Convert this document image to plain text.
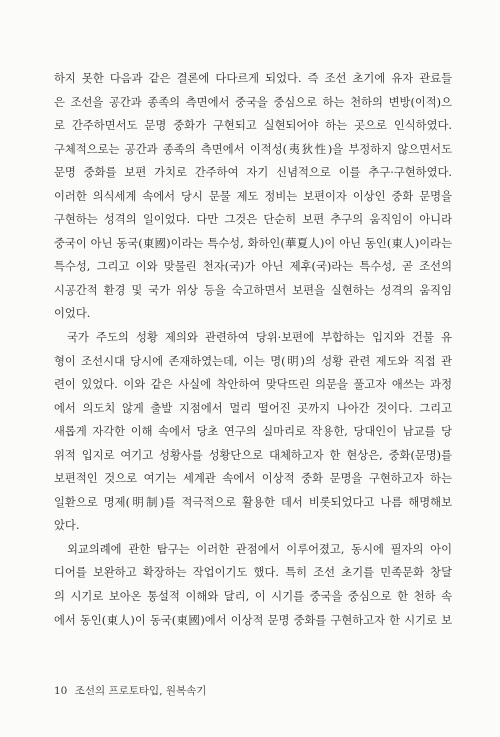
하지 못한 다음과 같은 결론에 다다르게 되었다. 즉 조선 초기에 유자 관료들
은 조선을 공간과 종족의 측면에서 중국을 중심으로 하는 천하의 변방(이적)으
로 간주하면서도 문명 중화가 구현되고 실현되어야 하는 곳으로 인식하였다.
구체적으로는 공간과 종족의 측면에서 이적성(夷狄性)을 부정하지 않으면서도
문명 중화를 보편 가치로 간주하여 자기 신념적으로 이를 추구·구현하였다.
이러한 의식세계 속에서 당시 문물 제도 정비는 보편이자 이상인 중화 문명을
구현하는 성격의 일이었다. 다만 그것은 단순히 보편 추구의 움직임이 아니라
중국이 아닌 동국(東國)이라는 특수성, 화하인(華夏人)이 아닌 동인(東人)이라는
특수성, 그리고 이와 맞물린 천자(국)가 아닌 제후(국)라는 특수성, 곧 조선의
시공간적 환경 및 국가 위상 등을 숙고하면서 보편을 실현하는 성격의 움직임
이었다.
국가 주도의 성황 제의와 관련하여 당위·보편에 부합하는 입지와 건물 유
형이 조선시대 당시에 존재하였는데, 이는 명(明)의 성황 관련 제도와 직접 관
련이 있었다. 이와 같은 사실에 착안하여 맞닥뜨린 의문을 풀고자 애쓰는 과정
에서 의도치 않게 출발 지점에서 멀리 떨어진 곳까지 나아간 것이다. 그리고
새롭게 자각한 이해 속에서 당초 연구의 실마리로 작용한, 당대인이 남교를 당
위적 입지로 여기고 성황사를 성황단으로 대체하고자 한 현상은, 중화(문명)를
보편적인 것으로 여기는 세계관 속에서 이상적 중화 문명을 구현하고자 하는
일환으로 명제(明制)를 적극적으로 활용한 데서 비롯되었다고 나름 해명해보
았다.
외교의례에 관한 탐구는 이러한 관점에서 이루어졌고, 동시에 필자의 아이
디어를 보완하고 확장하는 작업이기도 했다. 특히 조선 초기를 민족문화 창달
의 시기로 보아온 통설적 이해와 달리, 이 시기를 중국을 중심으로 한 천하 속
에서 동인(東人)이 동국(東國)에서 이상적 문명 중화를 구현하고자 한 시기로 보
10 조선의 프로토타입, 원복속기
